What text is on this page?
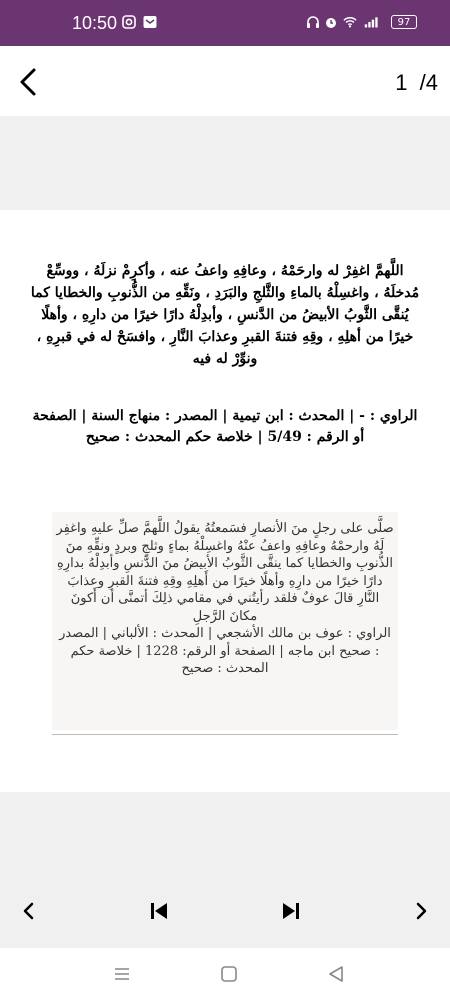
10:50	97
1  /4
اللَّهمَّ اغفِرْ له وارحَمْهُ ، وعافِهِ واعفُ عنه ، وأكرِمْ نزلَهُ ، ووسِّعْ مُدخلَهُ ، واغسِلْهُ بالماءِ والثَّلجِ والبَرَدِ ، ونَقِّهِ من الذُّنوبِ والخطايا كما يُنقَّى الثَّوبُ الأبيضُ من الدَّنسِ ، وأبدِلْهُ دارًا خيرًا من دارِهِ ، وأهلًا خيرًا من أهلِهِ ، وقِهِ فتنةَ القبرِ وعذابَ النَّارِ ، وافسَحْ له في قبرِهِ ، ونوِّرْ له فيه
الراوي : - | المحدث : ابن تيمية | المصدر : منهاج السنة | الصفحة أو الرقم : 5/49 | خلاصة حكم المحدث : صحيح
صلَّى على رجلٍ منَ الأنصارِ فسَمعتُهُ يقولُ اللَّهمَّ صلِّ عليهِ واغفِر لَهُ وارحمْهُ وعافِهِ واعفُ عنْهُ واغسِلْهُ بماءٍ وثلجٍ وبردٍ ونقِّهِ منَ الذُّنوبِ والخطايا كما ينقَّى الثَّوبُ الأبيضُ منَ الدَّنسِ وأبدِلْهُ بدارِهِ دارًا خيرًا من دارِهِ وأهلًا خيرًا من أَهلِهِ وقِهِ فتنةَ القبرِ وعذابَ النَّارِ قالَ عوفٌ فلقد رأيتُني في مقامي ذلِكَ أتمنَّى أن أَكونَ مكانَ الرَّجلِ
الراوي : عوف بن مالك الأشجعي | المحدث : الألباني | المصدر : صحيح ابن ماجه | الصفحة أو الرقم: 1228 | خلاصة حكم المحدث : صحيح
